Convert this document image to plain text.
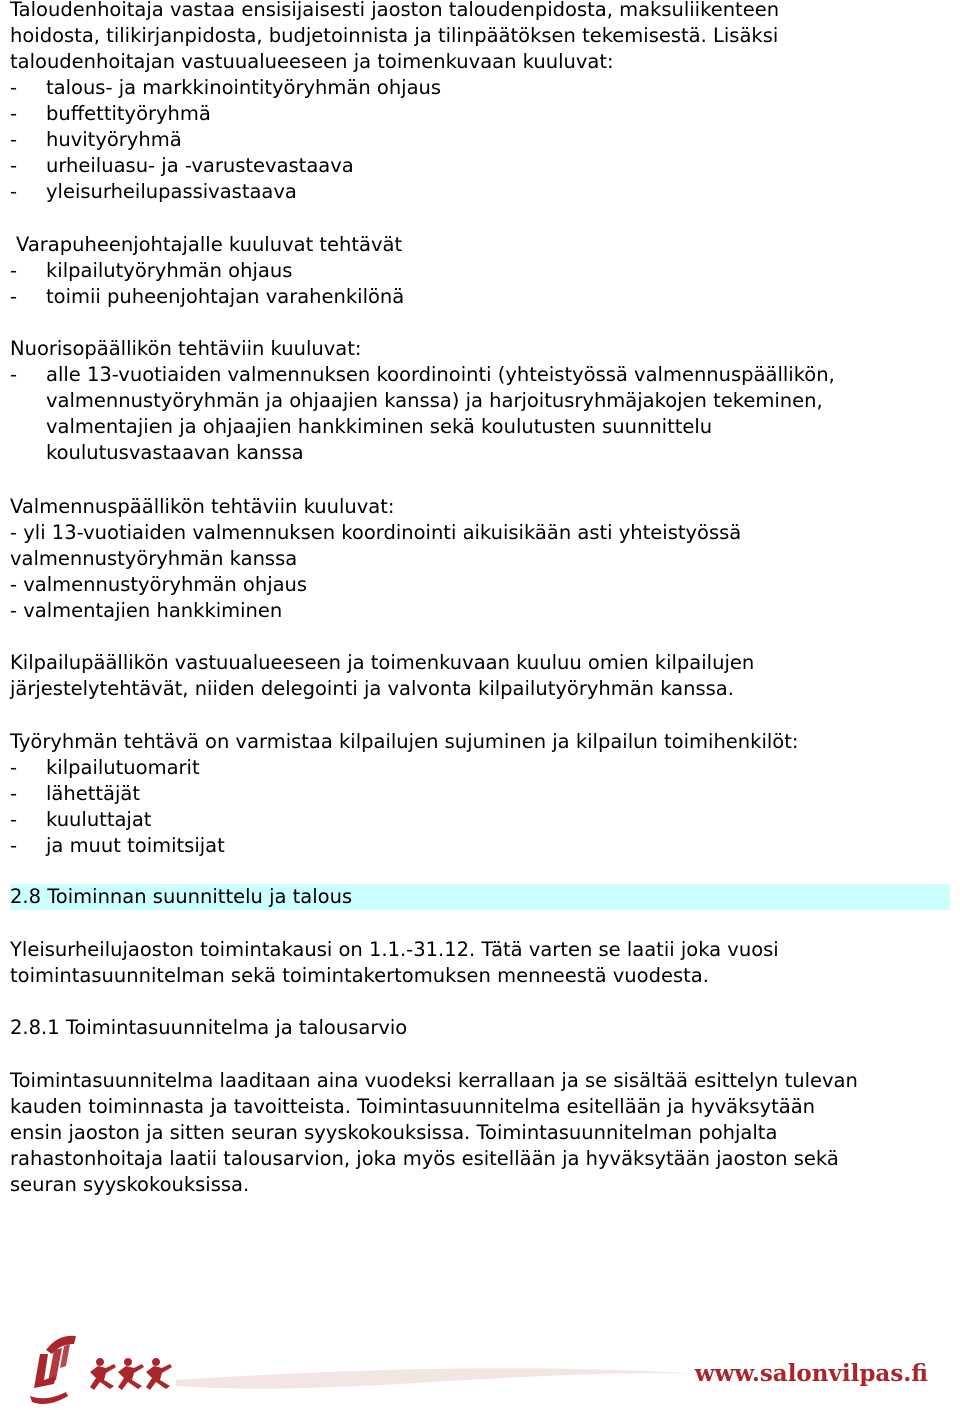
Taloudenhoitaja vastaa ensisijaisesti jaoston taloudenpidosta, maksuliikenteen
hoidosta, tilikirjanpidosta, budjetoinnista ja tilinpäätöksen tekemisestä. Lisäksi
taloudenhoitajan vastuualueeseen ja toimenkuvaan kuuluvat:
- talous- ja markkinointityöryhmän ohjaus
- buffettityöryhmä
- huvityöryhmä
- urheiluasu- ja -varustevastaava
- yleisurheilupassivastaava
Varapuheenjohtajalle kuuluvat tehtävät
- kilpailutyöryhmän ohjaus
- toimii puheenjohtajan varahenkilönä
Nuorisopäällikön tehtäviin kuuluvat:
- alle 13-vuotiaiden valmennuksen koordinointi (yhteistyössä valmennuspäällikön,
valmennustyöryhmän ja ohjaajien kanssa) ja harjoitusryhmäjakojen tekeminen,
valmentajien ja ohjaajien hankkiminen sekä koulutusten suunnittelu
koulutusvastaavan kanssa
Valmennuspäällikön tehtäviin kuuluvat:
- yli 13-vuotiaiden valmennuksen koordinointi aikuisikään asti yhteistyössä
valmennustyöryhmän kanssa
- valmennustyöryhmän ohjaus
- valmentajien hankkiminen
Kilpailupäällikön vastuualueeseen ja toimenkuvaan kuuluu omien kilpailujen
järjestelytehtävät, niiden delegointi ja valvonta kilpailutyöryhmän kanssa.
Työryhmän tehtävä on varmistaa kilpailujen sujuminen ja kilpailun toimihenkilöt:
- kilpailutuomarit
- lähettäjät
- kuuluttajat
- ja muut toimitsijat
2.8 Toiminnan suunnittelu ja talous
Yleisurheilujaoston toimintakausi on 1.1.-31.12. Tätä varten se laatii joka vuosi
toimintasuunnitelman sekä toimintakertomuksen menneestä vuodesta.
2.8.1 Toimintasuunnitelma ja talousarvio
Toimintasuunnitelma laaditaan aina vuodeksi kerrallaan ja se sisältää esittelyn tulevan
kauden toiminnasta ja tavoitteista. Toimintasuunnitelma esitellään ja hyväksytään
ensin jaoston ja sitten seuran syyskokouksissa. Toimintasuunnitelman pohjalta
rahastonhoitaja laatii talousarvion, joka myös esitellään ja hyväksytään jaoston sekä
seuran syyskokouksissa.
www.salonvilpas.fi
